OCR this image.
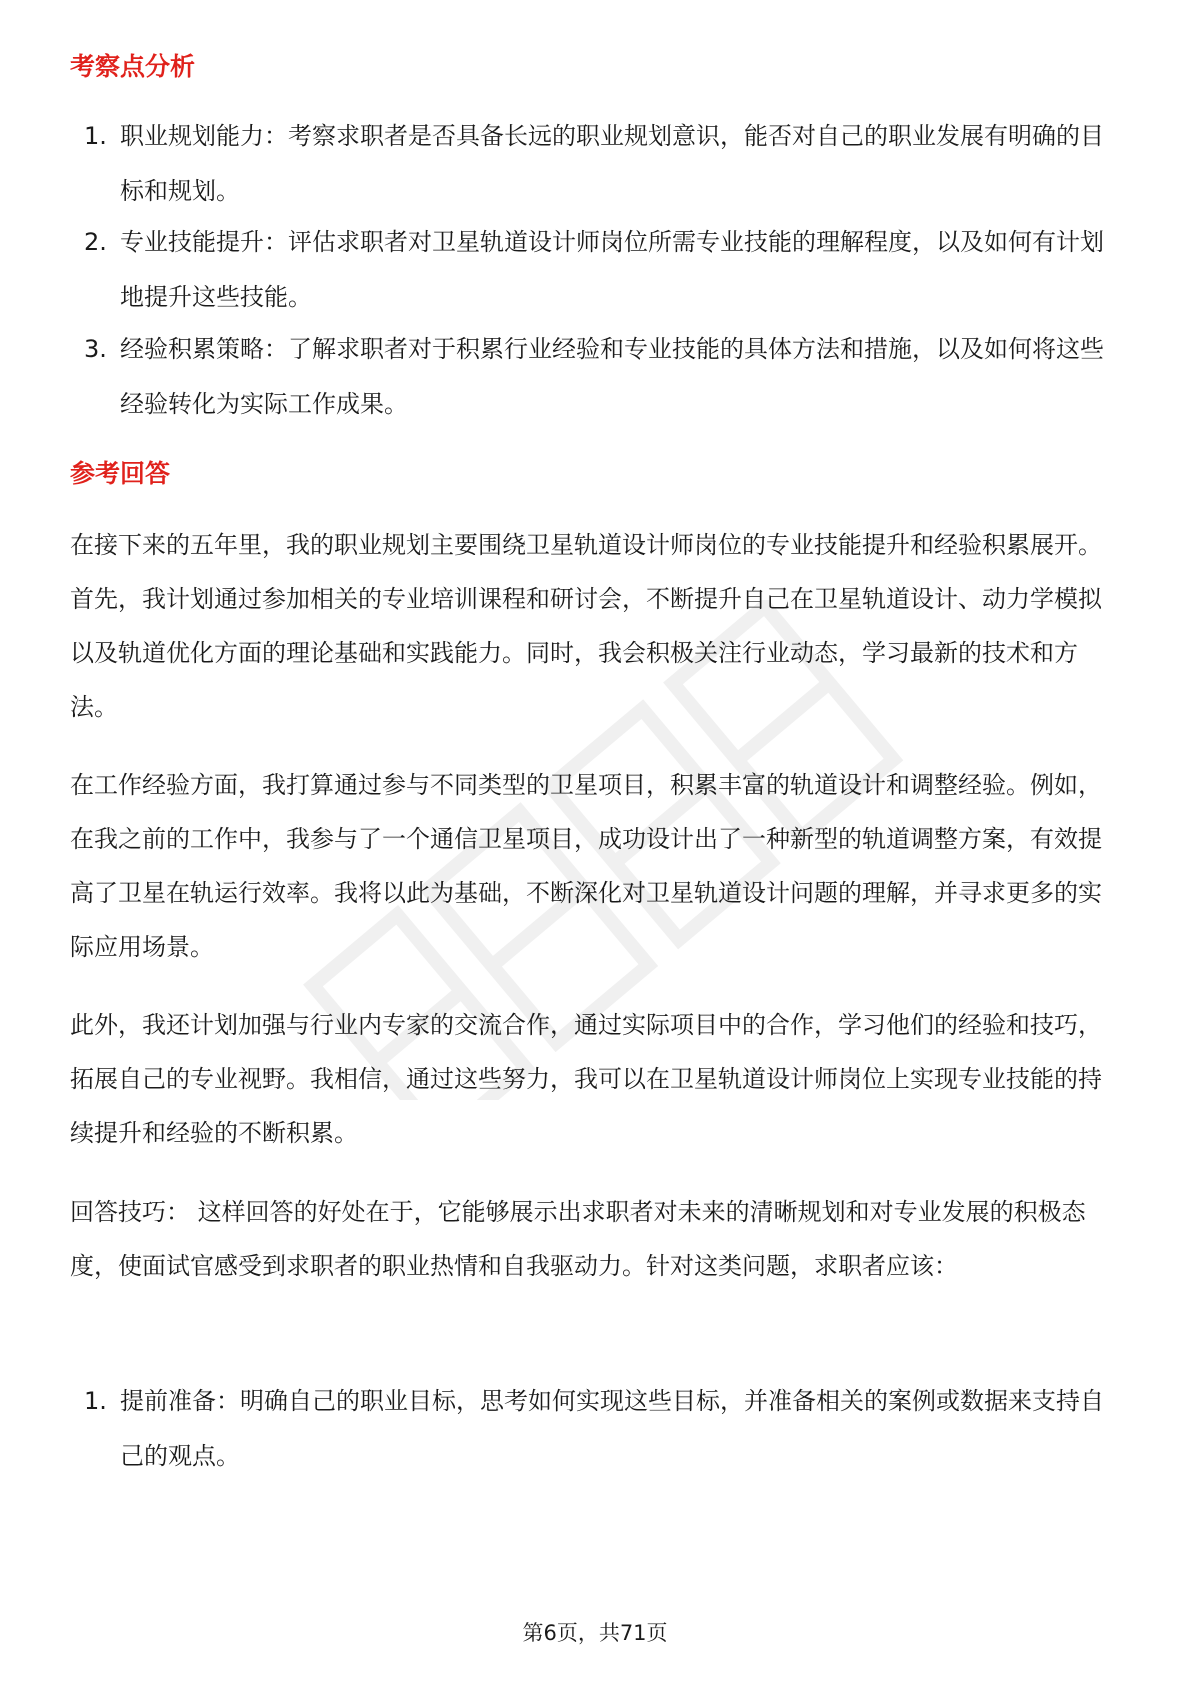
考察点分析
1. 职业规划能力：考察求职者是否具备长远的职业规划意识，能否对自己的职业发展有明确的目标和规划。
2. 专业技能提升：评估求职者对卫星轨道设计师岗位所需专业技能的理解程度，以及如何有计划地提升这些技能。
3. 经验积累策略：了解求职者对于积累行业经验和专业技能的具体方法和措施，以及如何将这些经验转化为实际工作成果。
参考回答

在接下来的五年里，我的职业规划主要围绕卫星轨道设计师岗位的专业技能提升和经验积累展开。首先，我计划通过参加相关的专业培训课程和研讨会，不断提升自己在卫星轨道设计、动力学模拟以及轨道优化方面的理论基础和实践能力。同时，我会积极关注行业动态，学习最新的技术和方法。

在工作经验方面，我打算通过参与不同类型的卫星项目，积累丰富的轨道设计和调整经验。例如，在我之前的工作中，我参与了一个通信卫星项目，成功设计出了一种新型的轨道调整方案，有效提高了卫星在轨运行效率。我将以此为基础，不断深化对卫星轨道设计问题的理解，并寻求更多的实际应用场景。

此外，我还计划加强与行业内专家的交流合作，通过实际项目中的合作，学习他们的经验和技巧，拓展自己的专业视野。我相信，通过这些努力，我可以在卫星轨道设计师岗位上实现专业技能的持续提升和经验的不断积累。

回答技巧： 这样回答的好处在于，它能够展示出求职者对未来的清晰规划和对专业发展的积极态度，使面试官感受到求职者的职业热情和自我驱动力。针对这类问题，求职者应该：

1. 提前准备：明确自己的职业目标，思考如何实现这些目标，并准备相关的案例或数据来支持自己的观点。
第6页，共71页
